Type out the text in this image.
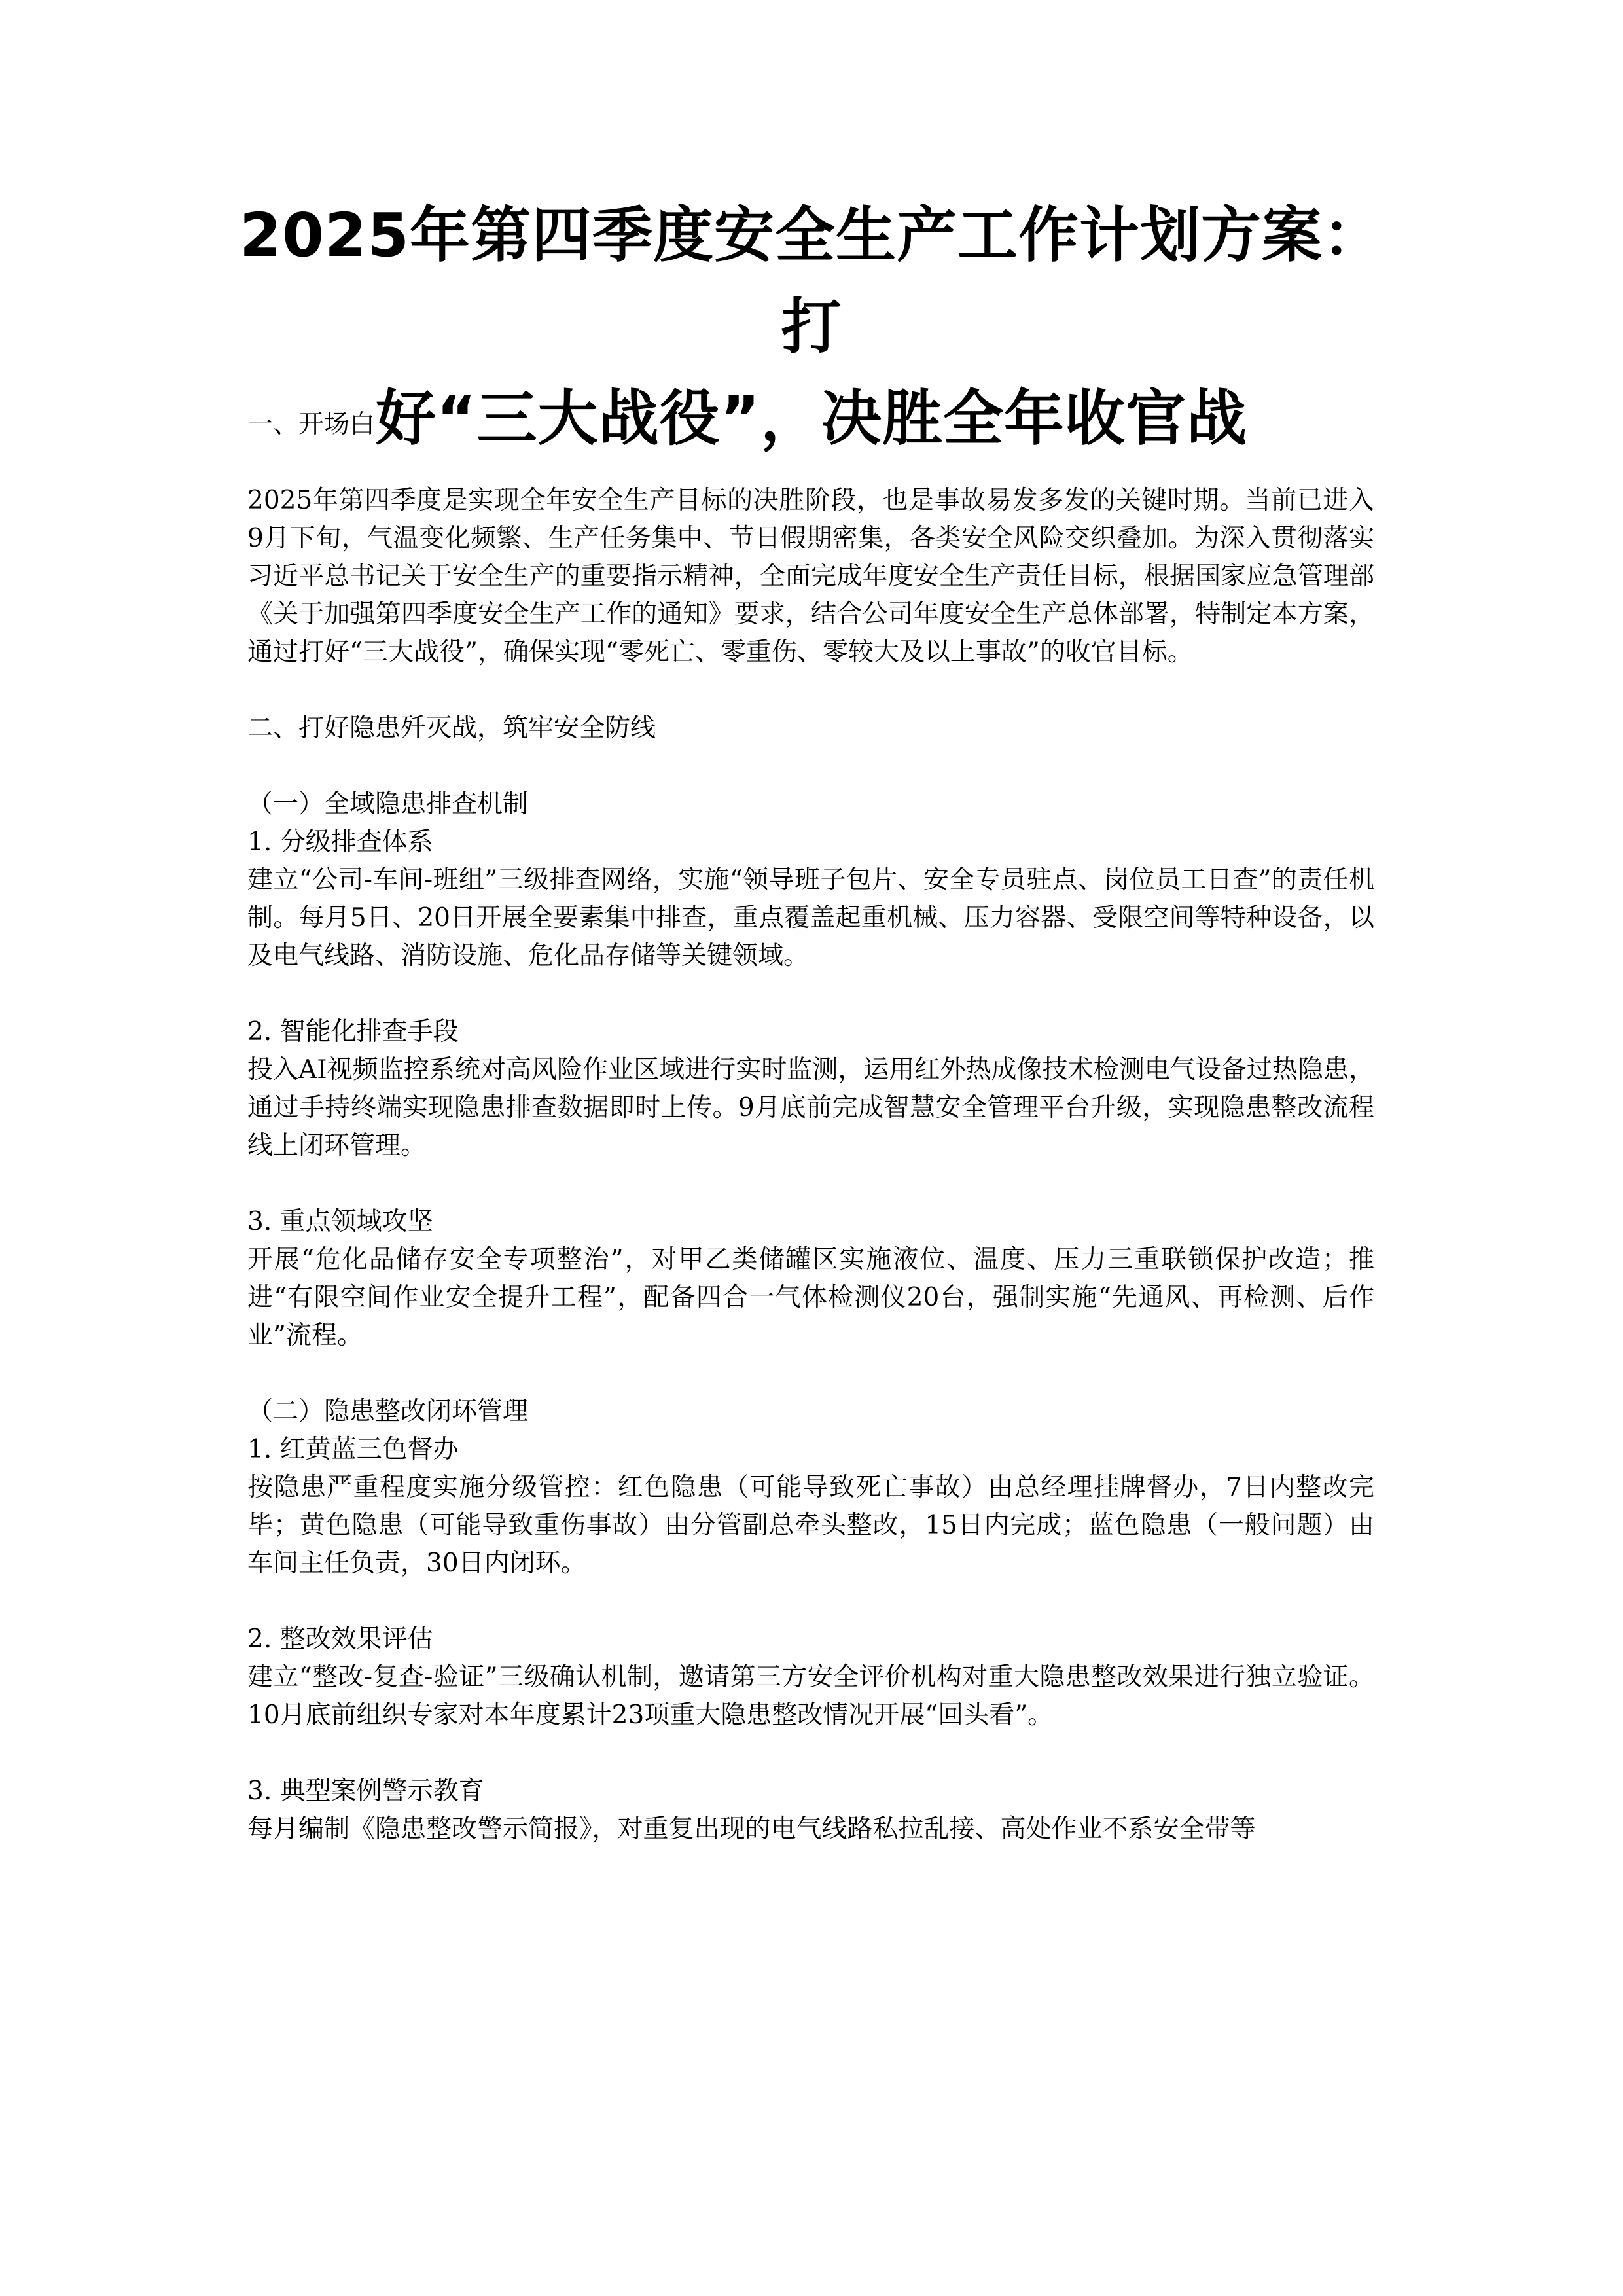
2025年第四季度安全生产工作计划方案：打
好“三大战役”，决胜全年收官战

一、开场白

2025年第四季度是实现全年安全生产目标的决胜阶段，也是事故易发多发的关键时期。当前已进入9月下旬，气温变化频繁、生产任务集中、节日假期密集，各类安全风险交织叠加。为深入贯彻落实习近平总书记关于安全生产的重要指示精神，全面完成年度安全生产责任目标，根据国家应急管理部《关于加强第四季度安全生产工作的通知》要求，结合公司年度安全生产总体部署，特制定本方案，通过打好“三大战役”，确保实现“零死亡、零重伤、零较大及以上事故”的收官目标。

二、打好隐患歼灭战，筑牢安全防线

（一）全域隐患排查机制

1. 分级排查体系

建立“公司-车间-班组”三级排查网络，实施“领导班子包片、安全专员驻点、岗位员工日查”的责任机制。每月5日、20日开展全要素集中排查，重点覆盖起重机械、压力容器、受限空间等特种设备，以及电气线路、消防设施、危化品存储等关键领域。

2. 智能化排查手段

投入AI视频监控系统对高风险作业区域进行实时监测，运用红外热成像技术检测电气设备过热隐患，通过手持终端实现隐患排查数据即时上传。9月底前完成智慧安全管理平台升级，实现隐患整改流程线上闭环管理。

3. 重点领域攻坚

开展“危化品储存安全专项整治”，对甲乙类储罐区实施液位、温度、压力三重联锁保护改造；推进“有限空间作业安全提升工程”，配备四合一气体检测仪20台，强制实施“先通风、再检测、后作业”流程。

（二）隐患整改闭环管理

1. 红黄蓝三色督办

按隐患严重程度实施分级管控：红色隐患（可能导致死亡事故）由总经理挂牌督办，7日内整改完毕；黄色隐患（可能导致重伤事故）由分管副总牵头整改，15日内完成；蓝色隐患（一般问题）由车间主任负责，30日内闭环。

2. 整改效果评估

建立“整改-复查-验证”三级确认机制，邀请第三方安全评价机构对重大隐患整改效果进行独立验证。10月底前组织专家对本年度累计23项重大隐患整改情况开展“回头看”。

3. 典型案例警示教育

每月编制《隐患整改警示简报》，对重复出现的电气线路私拉乱接、高处作业不系安全带等
